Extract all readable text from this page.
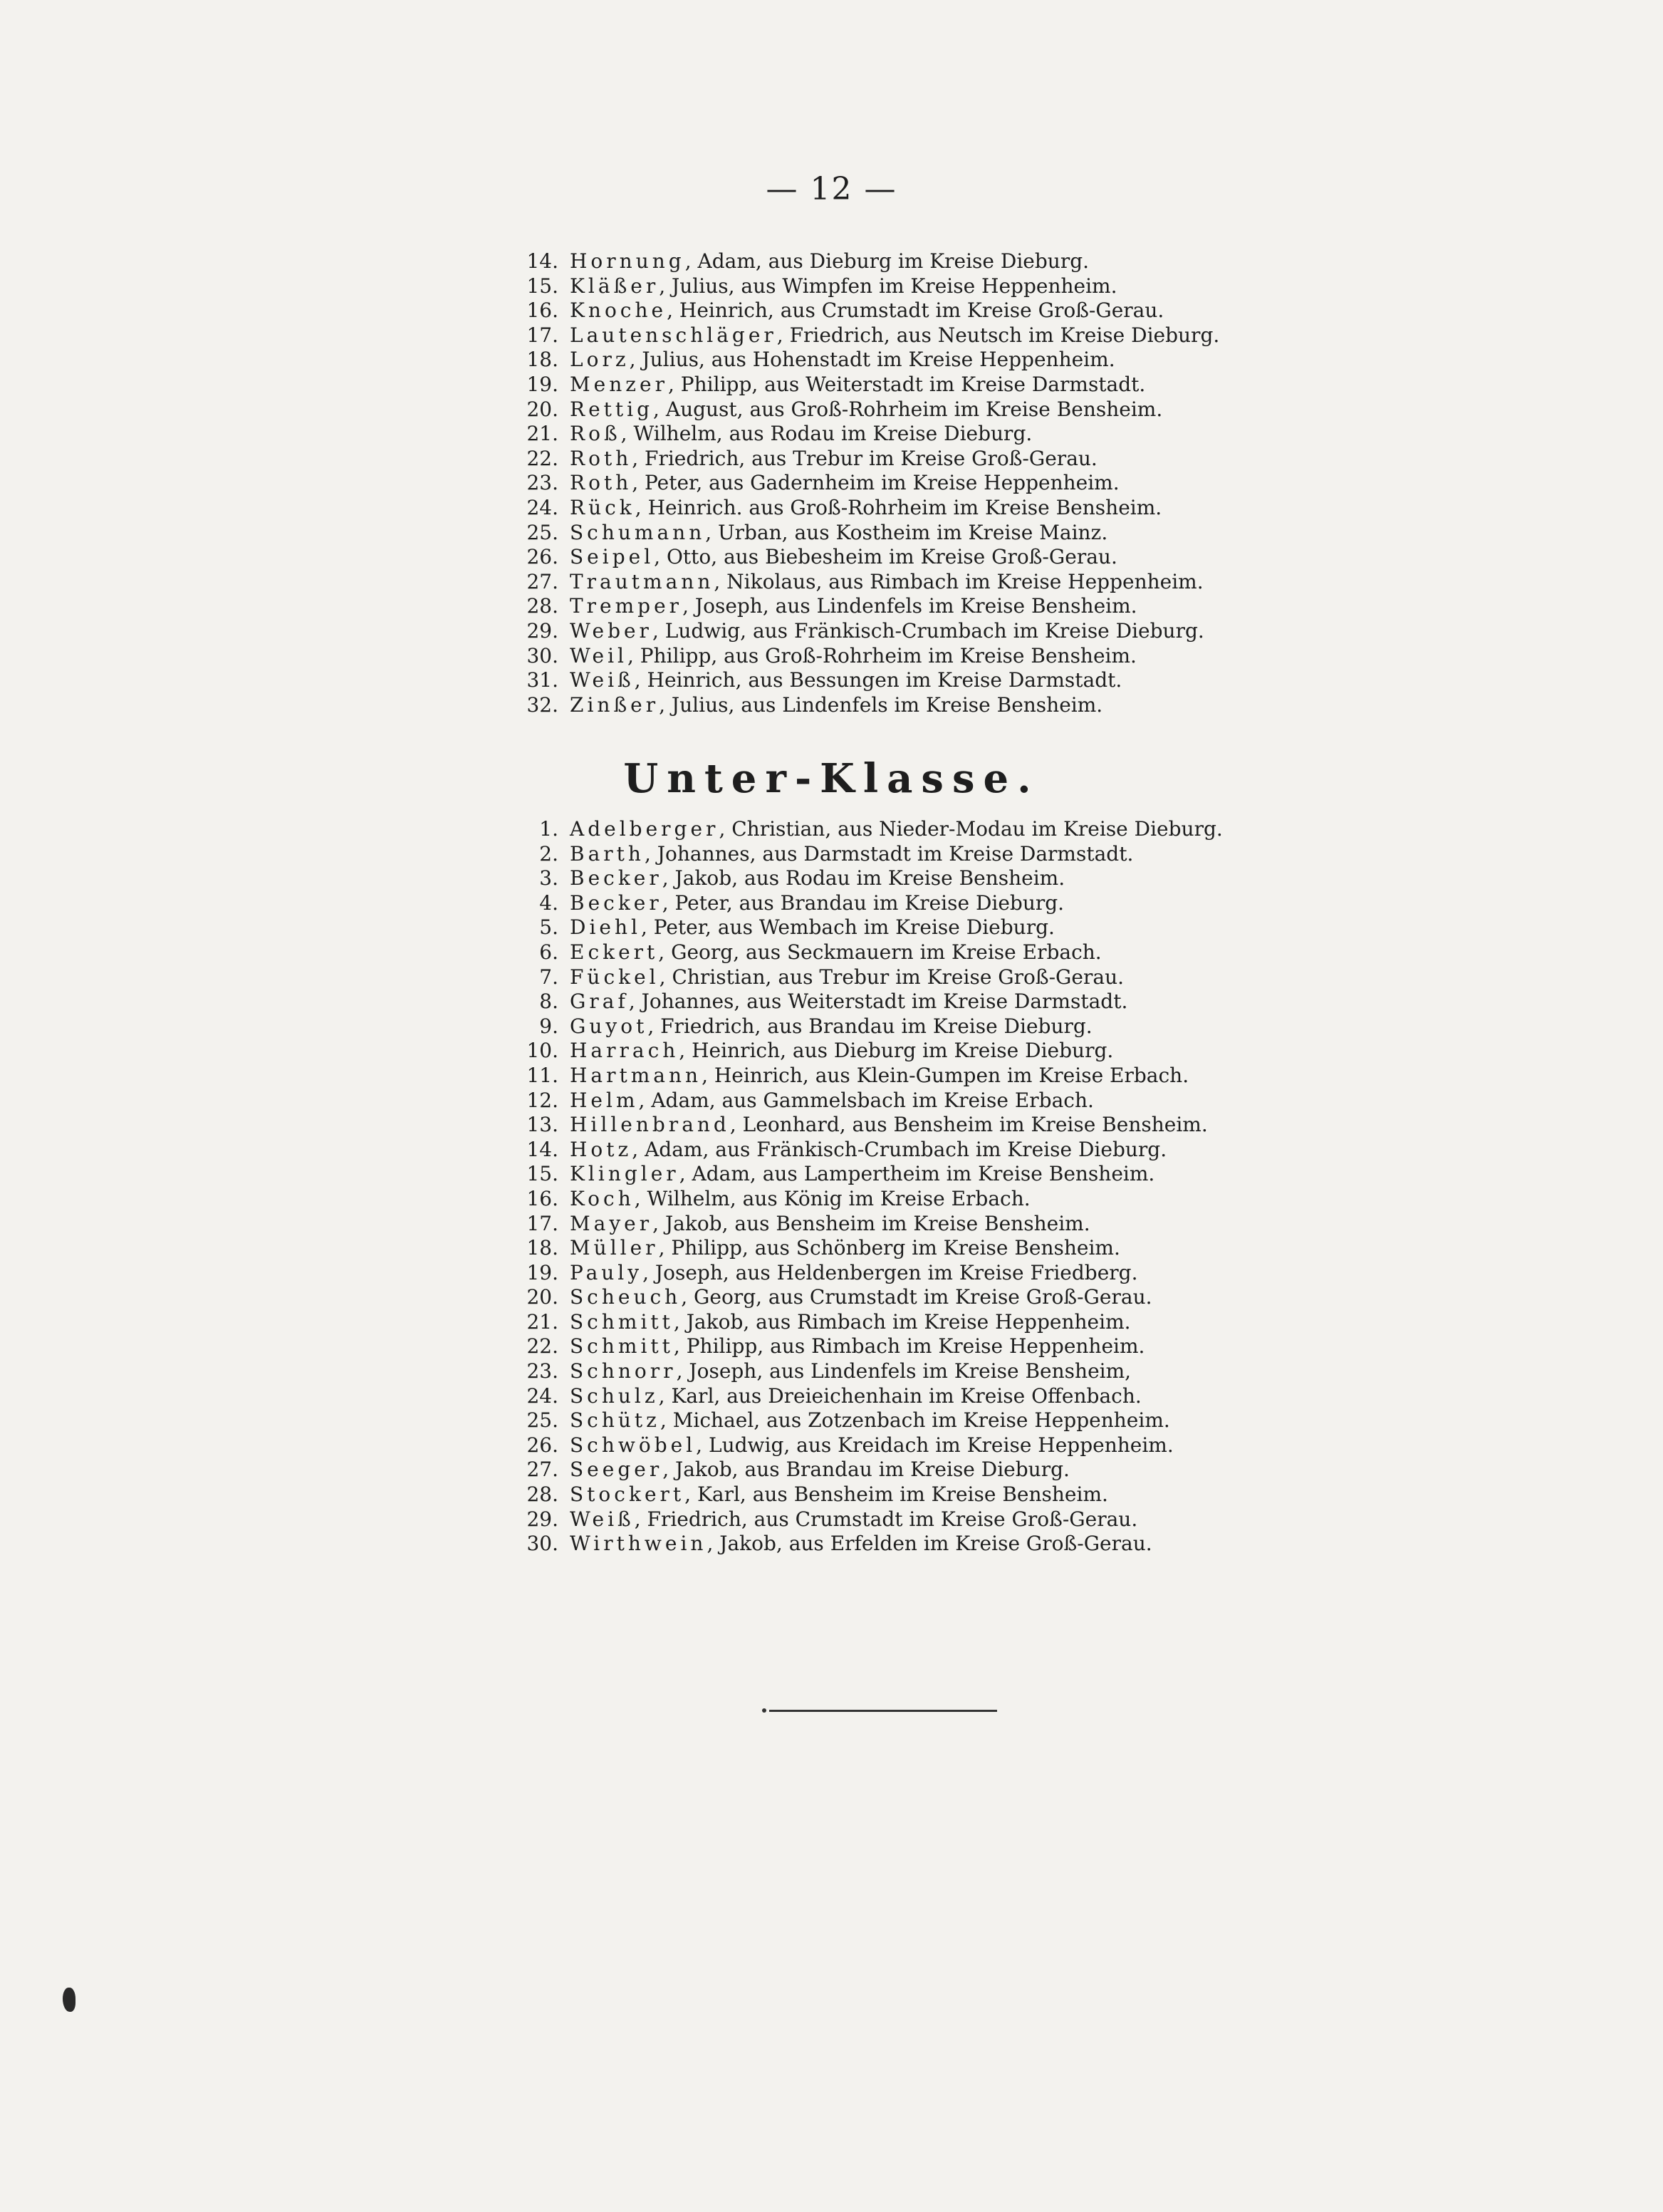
— 12 —
14. Hornung, Adam, aus Dieburg im Kreise Dieburg.
15. Kläßer, Julius, aus Wimpfen im Kreise Heppenheim.
16. Knoche, Heinrich, aus Crumstadt im Kreise Groß-Gerau.
17. Lautenschläger, Friedrich, aus Neutsch im Kreise Dieburg.
18. Lorz, Julius, aus Hohenstadt im Kreise Heppenheim.
19. Menzer, Philipp, aus Weiterstadt im Kreise Darmstadt.
20. Rettig, August, aus Groß-Rohrheim im Kreise Bensheim.
21. Roß, Wilhelm, aus Rodau im Kreise Dieburg.
22. Roth, Friedrich, aus Trebur im Kreise Groß-Gerau.
23. Roth, Peter, aus Gadernheim im Kreise Heppenheim.
24. Rück, Heinrich. aus Groß-Rohrheim im Kreise Bensheim.
25. Schumann, Urban, aus Kostheim im Kreise Mainz.
26. Seipel, Otto, aus Biebesheim im Kreise Groß-Gerau.
27. Trautmann, Nikolaus, aus Rimbach im Kreise Heppenheim.
28. Tremper, Joseph, aus Lindenfels im Kreise Bensheim.
29. Weber, Ludwig, aus Fränkisch-Crumbach im Kreise Dieburg.
30. Weil, Philipp, aus Groß-Rohrheim im Kreise Bensheim.
31. Weiß, Heinrich, aus Bessungen im Kreise Darmstadt.
32. Zinßer, Julius, aus Lindenfels im Kreise Bensheim.
Unter-Klasse.
1. Adelberger, Christian, aus Nieder-Modau im Kreise Dieburg.
2. Barth, Johannes, aus Darmstadt im Kreise Darmstadt.
3. Becker, Jakob, aus Rodau im Kreise Bensheim.
4. Becker, Peter, aus Brandau im Kreise Dieburg.
5. Diehl, Peter, aus Wembach im Kreise Dieburg.
6. Eckert, Georg, aus Seckmauern im Kreise Erbach.
7. Fückel, Christian, aus Trebur im Kreise Groß-Gerau.
8. Graf, Johannes, aus Weiterstadt im Kreise Darmstadt.
9. Guyot, Friedrich, aus Brandau im Kreise Dieburg.
10. Harrach, Heinrich, aus Dieburg im Kreise Dieburg.
11. Hartmann, Heinrich, aus Klein-Gumpen im Kreise Erbach.
12. Helm, Adam, aus Gammelsbach im Kreise Erbach.
13. Hillenbrand, Leonhard, aus Bensheim im Kreise Bensheim.
14. Hotz, Adam, aus Fränkisch-Crumbach im Kreise Dieburg.
15. Klingler, Adam, aus Lampertheim im Kreise Bensheim.
16. Koch, Wilhelm, aus König im Kreise Erbach.
17. Mayer, Jakob, aus Bensheim im Kreise Bensheim.
18. Müller, Philipp, aus Schönberg im Kreise Bensheim.
19. Pauly, Joseph, aus Heldenbergen im Kreise Friedberg.
20. Scheuch, Georg, aus Crumstadt im Kreise Groß-Gerau.
21. Schmitt, Jakob, aus Rimbach im Kreise Heppenheim.
22. Schmitt, Philipp, aus Rimbach im Kreise Heppenheim.
23. Schnorr, Joseph, aus Lindenfels im Kreise Bensheim,
24. Schulz, Karl, aus Dreieichenhain im Kreise Offenbach.
25. Schütz, Michael, aus Zotzenbach im Kreise Heppenheim.
26. Schwöbel, Ludwig, aus Kreidach im Kreise Heppenheim.
27. Seeger, Jakob, aus Brandau im Kreise Dieburg.
28. Stockert, Karl, aus Bensheim im Kreise Bensheim.
29. Weiß, Friedrich, aus Crumstadt im Kreise Groß-Gerau.
30. Wirthwein, Jakob, aus Erfelden im Kreise Groß-Gerau.
